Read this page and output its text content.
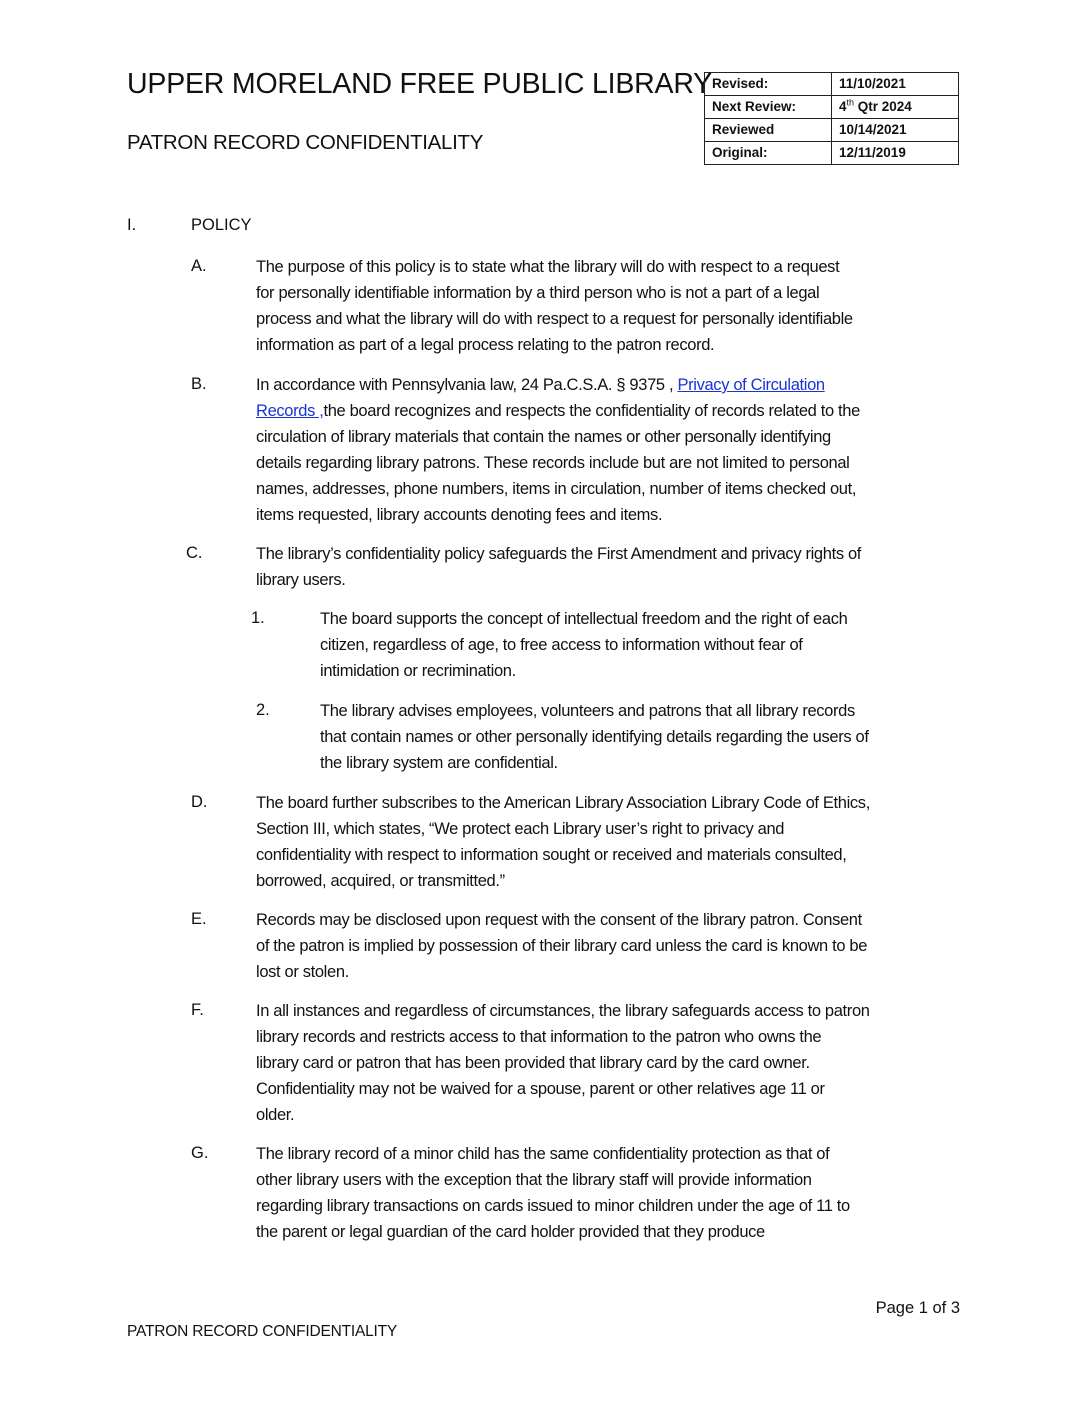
UPPER MORELAND FREE PUBLIC LIBRARY
PATRON RECORD CONFIDENTIALITY
Revised:	11/10/2021
Next Review:	4th Qtr 2024
Reviewed	10/14/2021
Original:	12/11/2019
I.	POLICY
A.	The purpose of this policy is to state what the library will do with respect to a request
for personally identifiable information by a third person who is not a part of a legal
process and what the library will do with respect to a request for personally identifiable
information as part of a legal process relating to the patron record.
B.	In accordance with Pennsylvania law, 24 Pa.C.S.A. § 9375 , Privacy of Circulation
Records ,the board recognizes and respects the confidentiality of records related to the
circulation of library materials that contain the names or other personally identifying
details regarding library patrons. These records include but are not limited to personal
names, addresses, phone numbers, items in circulation, number of items checked out,
items requested, library accounts denoting fees and items.
C.	The library’s confidentiality policy safeguards the First Amendment and privacy rights of
library users.
1.	The board supports the concept of intellectual freedom and the right of each
citizen, regardless of age, to free access to information without fear of
intimidation or recrimination.
2.	The library advises employees, volunteers and patrons that all library records
that contain names or other personally identifying details regarding the users of
the library system are confidential.
D.	The board further subscribes to the American Library Association Library Code of Ethics,
Section III, which states, “We protect each Library user’s right to privacy and
confidentiality with respect to information sought or received and materials consulted,
borrowed, acquired, or transmitted.”
E.	Records may be disclosed upon request with the consent of the library patron. Consent
of the patron is implied by possession of their library card unless the card is known to be
lost or stolen.
F.	In all instances and regardless of circumstances, the library safeguards access to patron
library records and restricts access to that information to the patron who owns the
library card or patron that has been provided that library card by the card owner.
Confidentiality may not be waived for a spouse, parent or other relatives age 11 or
older.
G.	The library record of a minor child has the same confidentiality protection as that of
other library users with the exception that the library staff will provide information
regarding library transactions on cards issued to minor children under the age of 11 to
the parent or legal guardian of the card holder provided that they produce
Page 1 of 3
PATRON RECORD CONFIDENTIALITY
